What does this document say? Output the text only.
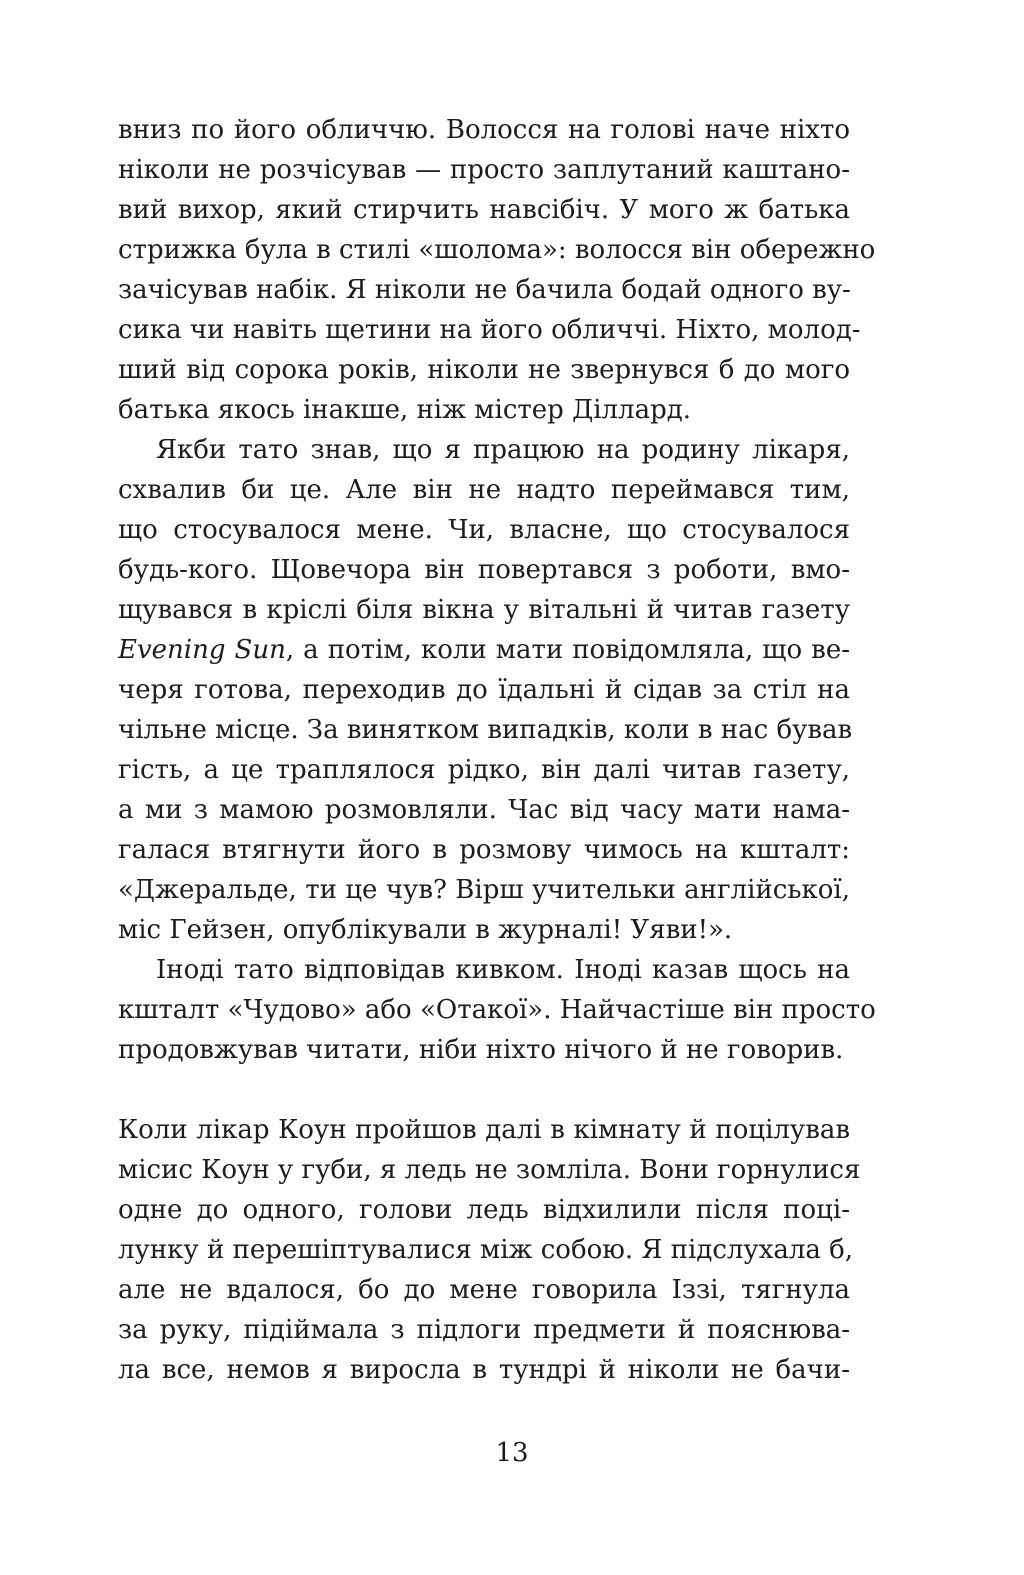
вниз по його обличчю. Волосся на голові наче ніхто
ніколи не розчісував — просто заплутаний каштано-
вий вихор, який стирчить навсібіч. У мого ж батька
стрижка була в стилі «шолома»: волосся він обережно
зачісував набік. Я ніколи не бачила бодай одного ву-
сика чи навіть щетини на його обличчі. Ніхто, молод-
ший від сорока років, ніколи не звернувся б до мого
батька якось інакше, ніж містер Діллард.
Якби тато знав, що я працюю на родину лікаря,
схвалив би це. Але він не надто переймався тим,
що стосувалося мене. Чи, власне, що стосувалося
будь-кого. Щовечора він повертався з роботи, вмо-
щувався в кріслі біля вікна у вітальні й читав газету
Evening Sun, а потім, коли мати повідомляла, що ве-
черя готова, переходив до їдальні й сідав за стіл на
чільне місце. За винятком випадків, коли в нас бував
гість, а це траплялося рідко, він далі читав газету,
а ми з мамою розмовляли. Час від часу мати нама-
галася втягнути його в розмову чимось на кшталт:
«Джеральде, ти це чув? Вірш учительки англійської,
міс Гейзен, опублікували в журналі! Уяви!».
Іноді тато відповідав кивком. Іноді казав щось на
кшталт «Чудово» або «Отакої». Найчастіше він просто
продовжував читати, ніби ніхто нічого й не говорив.
Коли лікар Коун пройшов далі в кімнату й поцілував
місис Коун у губи, я ледь не зомліла. Вони горнулися
одне до одного, голови ледь відхилили після поці-
лунку й перешіптувалися між собою. Я підслухала б,
але не вдалося, бо до мене говорила Іззі, тягнула
за руку, підіймала з підлоги предмети й пояснюва-
ла все, немов я виросла в тундрі й ніколи не бачи-
13
